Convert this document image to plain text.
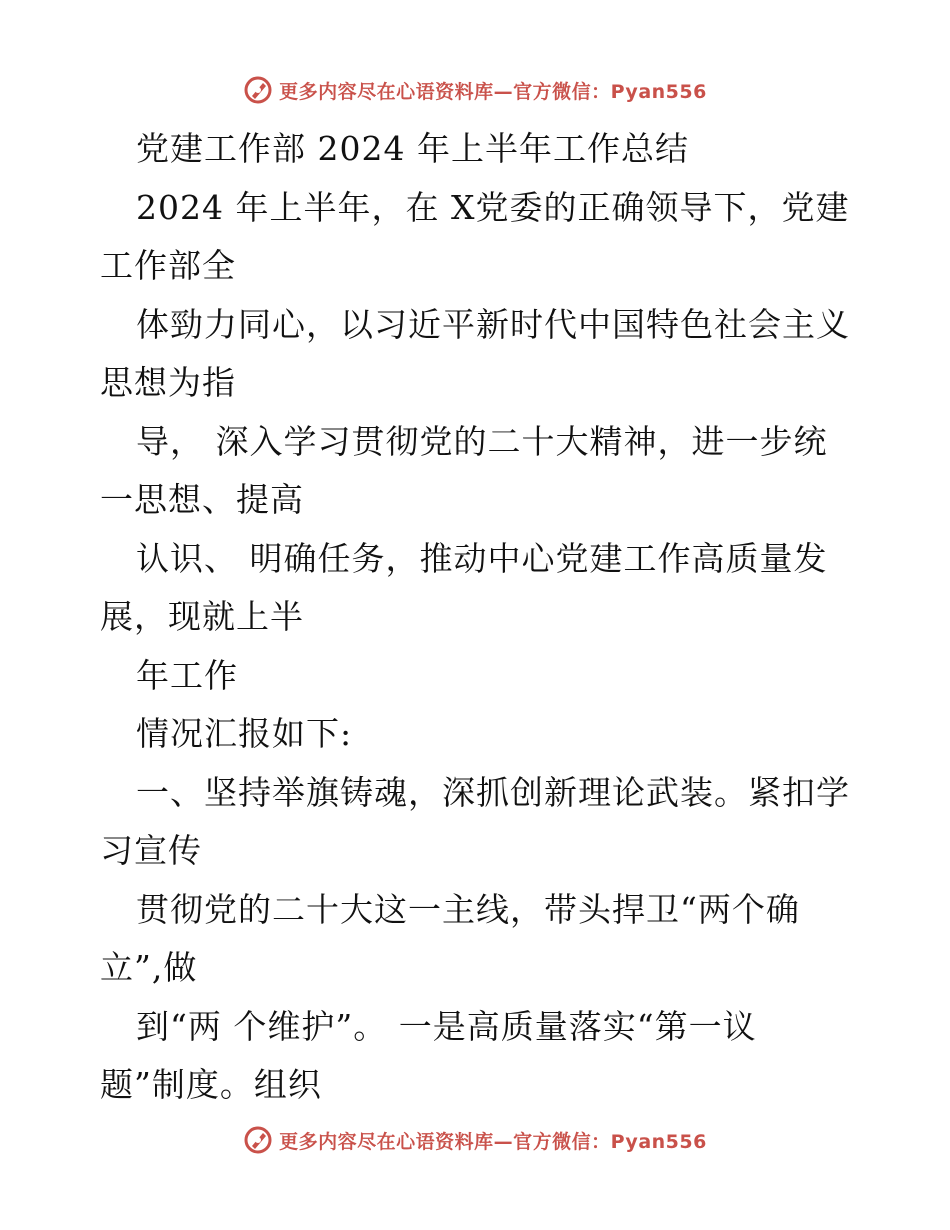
更多内容尽在心语资料库—官方微信：Pyan556
党建工作部 2024 年上半年工作总结
2024 年上半年，在 X党委的正确领导下，党建
工作部全
体勁力同心，以习近平新时代中国特色社会主义
思想为指
导， 深入学习贯彻党的二十大精神，进一步统
一思想、提高
认识、 明确任务，推动中心党建工作高质量发
展，现就上半
年工作
情况汇报如下:
一、坚持举旗铸魂，深抓创新理论武装。紧扣学
习宣传
贯彻党的二十大这一主线，带头捍卫“两个确
立”,做
到“两 个维护”。 一是高质量落实“第一议
题”制度。组织
更多内容尽在心语资料库—官方微信：Pyan556
